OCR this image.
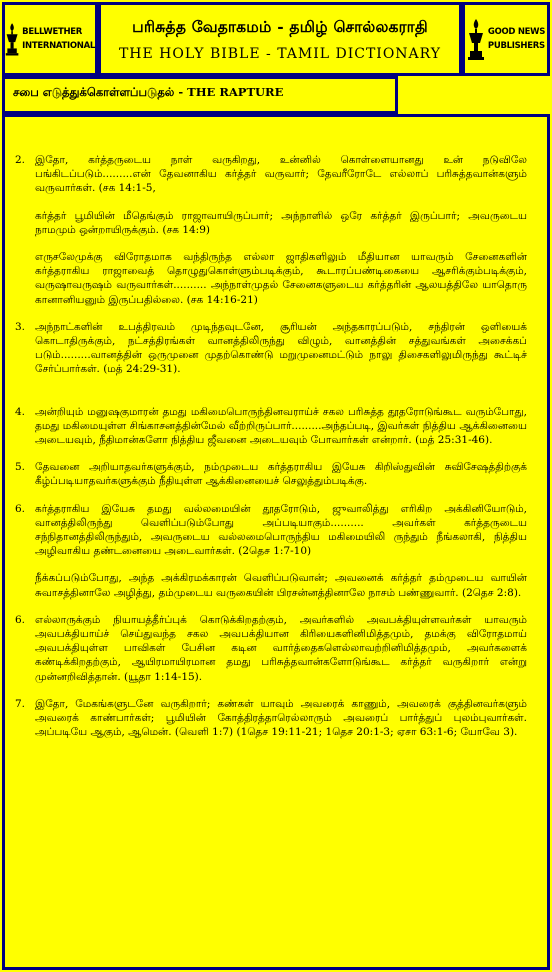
BELLWETHER
INTERNATIONAL
பரிசுத்த வேதாகமம் - தமிழ் சொல்லகராதி
THE HOLY BIBLE - TAMIL DICTIONARY
GOOD NEWS
PUBLISHERS
சபை எடுத்துக்கொள்ளப்படுதல் - THE RAPTURE
2. இதோ, கர்த்தருடைய நாள் வருகிறது, உன்னில் கொள்ளையானது உன் நடுவிலே பங்கிடப்படும்.........என் தேவனாகிய கர்த்தர் வருவார்; தேவரீரோடே எல்லாப் பரிசுத்தவான்களும் வருவார்கள். (சக 14:1-5,
கர்த்தர் பூமியின் மீதெங்கும் ராஜாவாயிருப்பார்; அந்நாளில் ஒரே கர்த்தர் இருப்பார்; அவருடைய நாமமும் ஒன்றாயிருக்கும். (சக 14:9)
எருசலேமுக்கு விரோதமாக வந்திருந்த எல்லா ஜாதிகளிலும் மீதியான யாவரும் சேனைகளின் கர்த்தராகிய ராஜாவைத் தொழுதுகொள்ளும்படிக்கும், கூடாரப்பண்டிகையை ஆசரிக்கும்படிக்கும், வருஷாவருஷம் வருவார்கள்.......... அந்நாள்முதல் சேனைகளுடைய கர்த்தரின் ஆலயத்திலே யாதொரு கானானியனும் இருப்பதில்லை. (சக 14:16-21)
3. அந்நாட்களின் உபத்திரவம் முடிந்தவுடனே, சூரியன் அந்தகாரப்படும், சந்திரன் ஒளியைக் கொடாதிருக்கும், நட்சத்திரங்கள் வானத்திலிருந்து விழும், வானத்தின் சத்துவங்கள் அசைக்கப் படும்.........வானத்தின் ஒருமுனை முதற்கொண்டு மறுமுனைமட்டும் நாலு திசைகளிலுமிருந்து கூட்டிச் சேர்ப்பார்கள். (மத் 24:29-31).
4. அன்றியும் மனுஷகுமாரன் தமது மகிமைபொருந்தினவராய்ச் சகல பரிசுத்த தூதரோடுங்கூட வரும்போது, தமது மகிமையுள்ள சிங்காசனத்தின்மேல் வீற்றிருப்பார்.........அந்தப்படி, இவர்கள் நித்திய ஆக்கினையை அடையவும், நீதிமான்களோ நித்திய ஜீவனை அடையவும் போவார்கள் என்றார். (மத் 25:31-46).
5. தேவனை அறியாதவர்களுக்கும், நம்முடைய கர்த்தராகிய இயேசு கிறிஸ்துவின் சுவிசேஷத்திற்குக் கீழ்ப்படியாதவர்களுக்கும் நீதியுள்ள ஆக்கினையைச் செலுத்தும்படிக்கு.
6. கர்த்தராகிய இயேசு தமது வல்லமையின் தூதரோடும், ஜுவாலித்து எரிகிற அக்கினியோடும், வானத்திலிருந்து வெளிப்படும்போது அப்படியாகும்.......... அவர்கள் கர்த்தருடைய சந்நிதானத்திலிருந்தும், அவருடைய வல்லமைபொருந்திய மகிமையிலி ருந்தும் நீங்கலாகி, நித்திய அழிவாகிய தண்டனையை அடைவார்கள். (2தெச 1:7-10)
நீக்கப்படும்போது, அந்த அக்கிரமக்காரன் வெளிப்படுவான்; அவனைக் கர்த்தர் தம்முடைய வாயின் சுவாசத்தினாலே அழித்து, தம்முடைய வருகையின் பிரசன்னத்தினாலே நாசம் பண்ணுவார். (2தெச 2:8).
6. எல்லாருக்கும் நியாயத்தீர்ப்புக் கொடுக்கிறதற்கும், அவர்களில் அவபக்தியுள்ளவர்கள் யாவரும் அவபக்தியாய்ச் செய்துவந்த சகல அவபக்தியான கிரியைகளினிமித்தமும், தமக்கு விரோதமாய் அவபக்தியுள்ள பாவிகள் பேசின கடின வார்த்தைகளெல்லாவற்றினிமித்தமும், அவர்களைக் கண்டிக்கிறதற்கும், ஆயிரமாயிரமான தமது பரிசுத்தவான்களோடுங்கூட கர்த்தர் வருகிறார் என்று முன்னறிவித்தான். (யூதா 1:14-15).
7. இதோ, மேகங்களுடனே வருகிறார்; கண்கள் யாவும் அவரைக் காணும், அவரைக் குத்தினவர்களும் அவரைக் காண்பார்கள்; பூமியின் கோத்திரத்தாரெல்லாரும் அவரைப் பார்த்துப் புலம்புவார்கள். அப்படியே ஆகும், ஆமென். (வெளி 1:7) (1தெச 19:11-21; 1தெச 20:1-3; ஏசா 63:1-6; யோவே 3).
